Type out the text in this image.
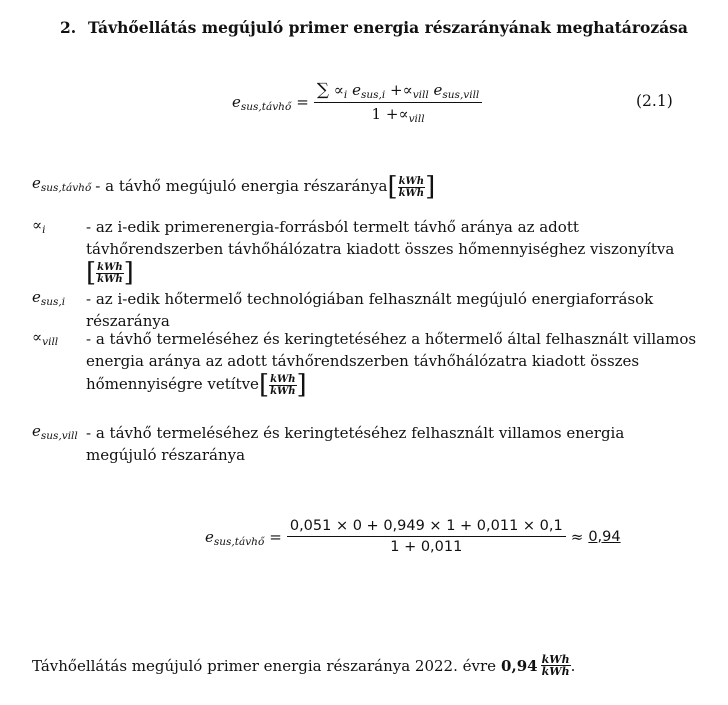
2. Távhőellátás megújuló primer energia részarányának meghatározása
$e_{sus,távhő} = \frac{\sum \propto_i e_{sus,i} +\propto_{vill} e_{sus,vill}}{1 +\propto_{vill}}$	(2.1)
$e_{sus,távhő}$ - a távhő megújuló energia részaránya [ $\frac{\text{kWh}}{\text{kWh}}$ ]
$\propto_i$	- az i-edik primerenergia-forrásból termelt távhő aránya az adott távhőrendszerben távhőhálózatra kiadott összes hőmennyiséghez viszonyítva
[ $\frac{\text{kWh}}{\text{kWh}}$ ]
$e_{sus,i}$	- az i-edik hőtermelő technológiában felhasznált megújuló energiaforrások részaránya
$\propto_{vill}$	- a távhő termeléséhez és keringtetéséhez a hőtermelő által felhasznált villamos energia aránya az adott távhőrendszerben távhőhálózatra kiadott összes hőmennyiségre vetítve [ $\frac{\text{kWh}}{\text{kWh}}$ ]
$e_{sus,vill}$ - a távhő termeléséhez és keringtetéséhez felhasznált villamos energia megújuló részaránya
$e_{sus,távhő} = \frac{0,051 \times 0 + 0,949 \times 1 + 0,011 \times 0,1}{1 + 0,011} \approx 0,94$
Távhőellátás megújuló primer energia részaránya 2022. évre $0,94 \frac{\text{kWh}}{\text{kWh}}$ .
